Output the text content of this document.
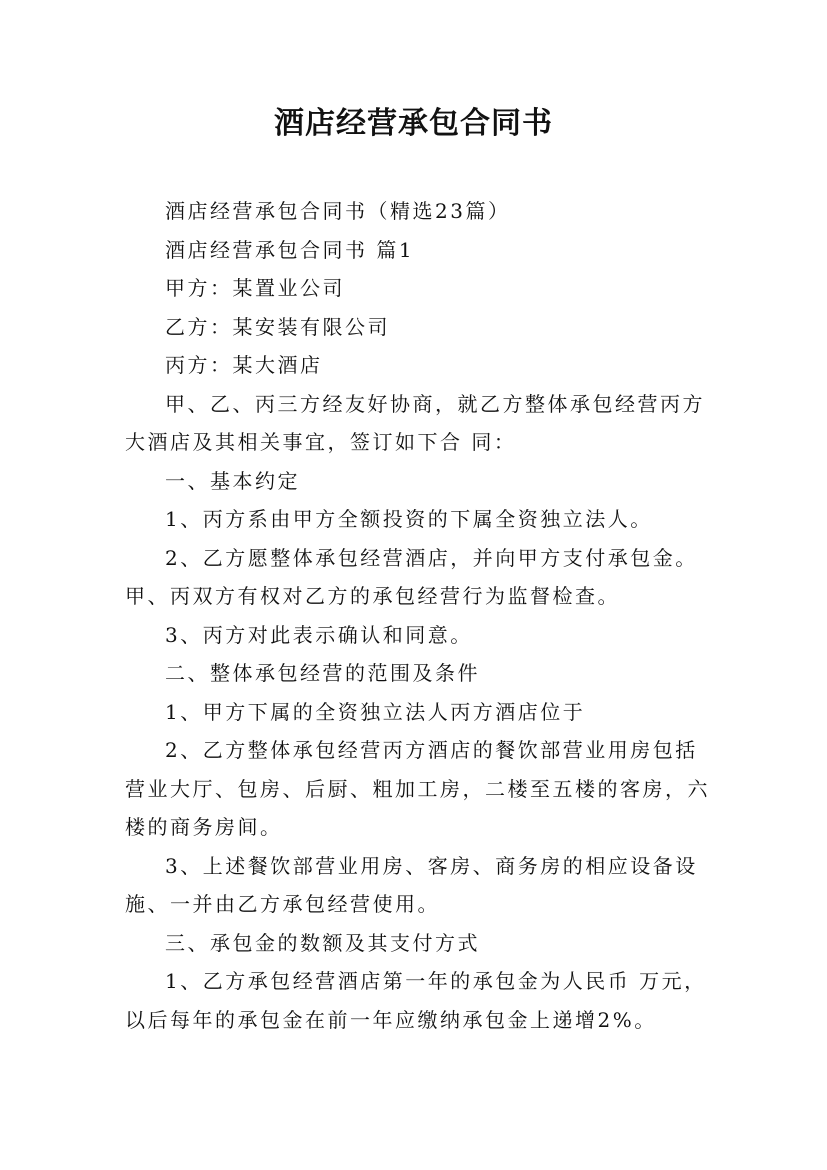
酒店经营承包合同书

酒店经营承包合同书（精选23篇）

酒店经营承包合同书 篇1

甲方：某置业公司

乙方：某安装有限公司

丙方：某大酒店

甲、乙、丙三方经友好协商，就乙方整体承包经营丙方大酒店及其相关事宜，签订如下合 同：

一、基本约定

1、丙方系由甲方全额投资的下属全资独立法人。

2、乙方愿整体承包经营酒店，并向甲方支付承包金。甲、丙双方有权对乙方的承包经营行为监督检查。

3、丙方对此表示确认和同意。

二、整体承包经营的范围及条件

1、甲方下属的全资独立法人丙方酒店位于

2、乙方整体承包经营丙方酒店的餐饮部营业用房包括营业大厅、包房、后厨、粗加工房，二楼至五楼的客房，六楼的商务房间。

3、上述餐饮部营业用房、客房、商务房的相应设备设施、一并由乙方承包经营使用。

三、承包金的数额及其支付方式

1、乙方承包经营酒店第一年的承包金为人民币 万元，以后每年的承包金在前一年应缴纳承包金上递增2%。
